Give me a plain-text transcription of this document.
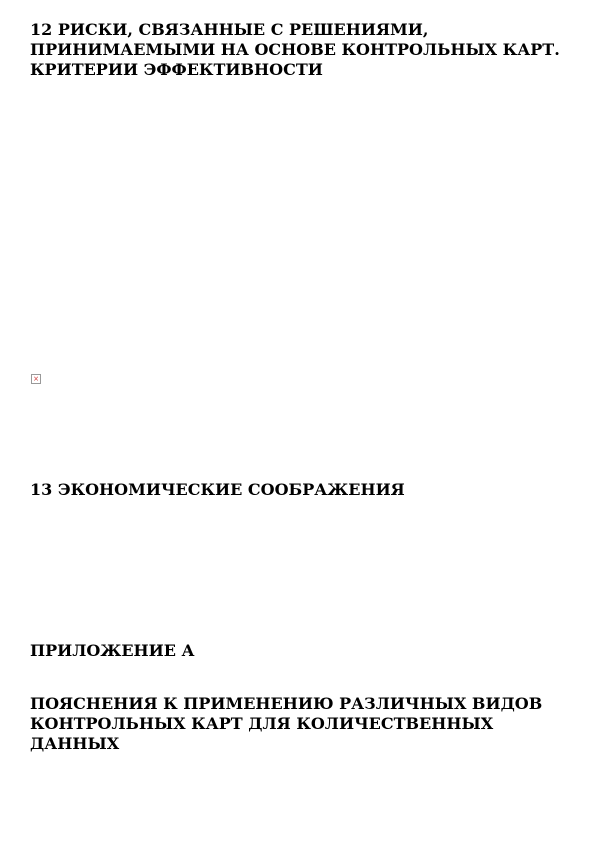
12 РИСКИ, СВЯЗАННЫЕ С РЕШЕНИЯМИ, ПРИНИМАЕМЫМИ НА ОСНОВЕ КОНТРОЛЬНЫХ КАРТ. КРИТЕРИИ ЭФФЕКТИВНОСТИ

×

13 ЭКОНОМИЧЕСКИЕ СООБРАЖЕНИЯ

ПРИЛОЖЕНИЕ А
ПОЯСНЕНИЯ К ПРИМЕНЕНИЮ РАЗЛИЧНЫХ ВИДОВ КОНТРОЛЬНЫХ КАРТ ДЛЯ КОЛИЧЕСТВЕННЫХ ДАННЫХ
